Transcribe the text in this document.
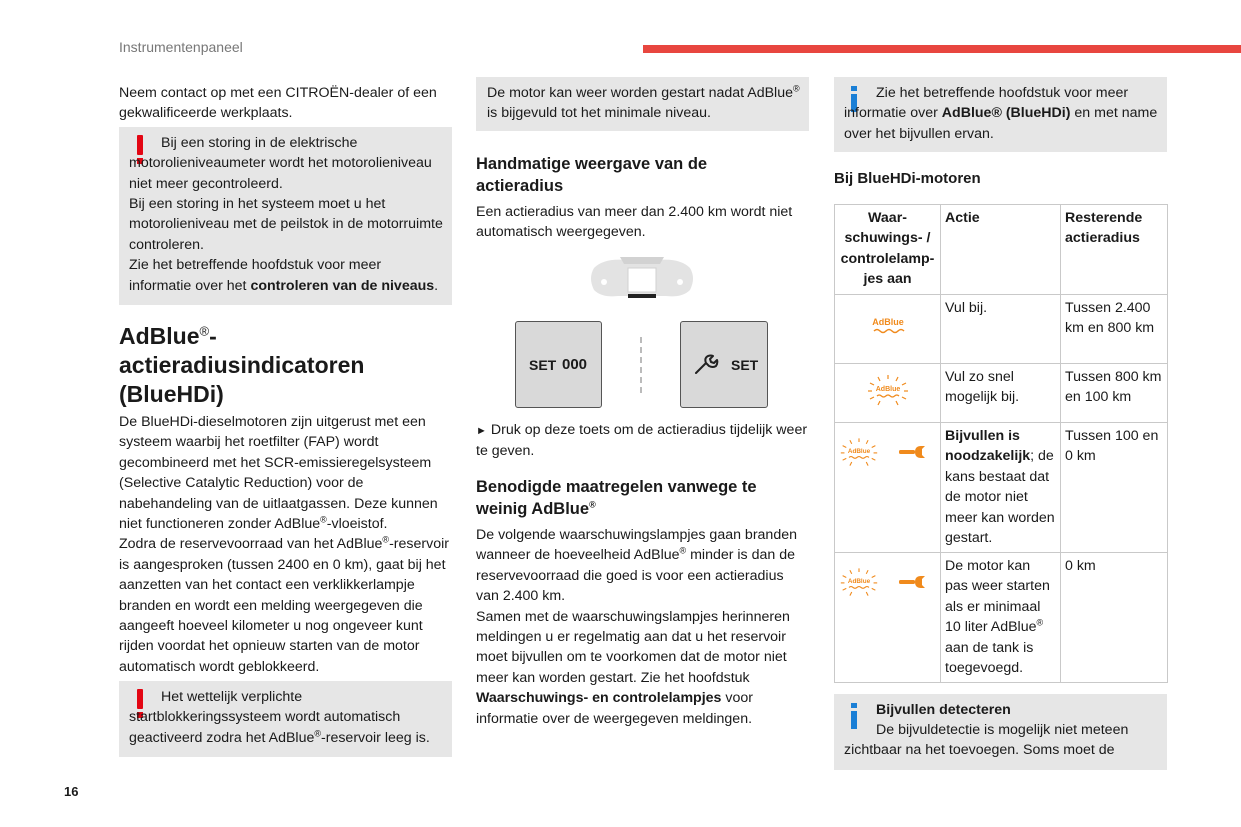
Instrumentenpaneel
Neem contact op met een CITROËN-dealer of een gekwalificeerde werkplaats.
Bij een storing in de elektrische motorolieniveaumeter wordt het motorolieniveau niet meer gecontroleerd.
Bij een storing in het systeem moet u het motorolieniveau met de peilstok in de motorruimte controleren.
Zie het betreffende hoofdstuk voor meer informatie over het controleren van de niveaus.
AdBlue®-actieradiusindicatoren (BlueHDi)
De BlueHDi-dieselmotoren zijn uitgerust met een systeem waarbij het roetfilter (FAP) wordt gecombineerd met het SCR-emissieregelsysteem (Selective Catalytic Reduction) voor de nabehandeling van de uitlaatgassen. Deze kunnen niet functioneren zonder AdBlue®-vloeistof.
Zodra de reservevoorraad van het AdBlue®-reservoir is aangesproken (tussen 2400 en 0 km), gaat bij het aanzetten van het contact een verklikkerlampje branden en wordt een melding weergegeven die aangeeft hoeveel kilometer u nog ongeveer kunt rijden voordat het opnieuw starten van de motor automatisch wordt geblokkeerd.
Het wettelijk verplichte startblokkeringssysteem wordt automatisch geactiveerd zodra het AdBlue®-reservoir leeg is.
16
De motor kan weer worden gestart nadat AdBlue® is bijgevuld tot het minimale niveau.
Handmatige weergave van de actieradius
Een actieradius van meer dan 2.400 km wordt niet automatisch weergegeven.
SET 000	SET
► Druk op deze toets om de actieradius tijdelijk weer te geven.
Benodigde maatregelen vanwege te weinig AdBlue®
De volgende waarschuwingslampjes gaan branden wanneer de hoeveelheid AdBlue® minder is dan de reservevoorraad die goed is voor een actieradius van 2.400 km.
Samen met de waarschuwingslampjes herinneren meldingen u er regelmatig aan dat u het reservoir moet bijvullen om te voorkomen dat de motor niet meer kan worden gestart. Zie het hoofdstuk Waarschuwings- en controlelampjes voor informatie over de weergegeven meldingen.
Zie het betreffende hoofdstuk voor meer informatie over AdBlue® (BlueHDi) en met name over het bijvullen ervan.
Bij BlueHDi-motoren
Waar-schuwings- / controlelamp-jes aan	Actie	Resterende actieradius

AdBlue	Vul bij.	Tussen 2.400 km en 800 km

AdBlue	Vul zo snel mogelijk bij.	Tussen 800 km en 100 km

AdBlue	Bijvullen is noodzakelijk; de kans bestaat dat de motor niet meer kan worden gestart.	Tussen 100 en 0 km

AdBlue	De motor kan pas weer starten als er minimaal 10 liter AdBlue® aan de tank is toegevoegd.	0 km
Bijvullen detecteren
De bijvuldetectie is mogelijk niet meteen zichtbaar na het toevoegen. Soms moet de
